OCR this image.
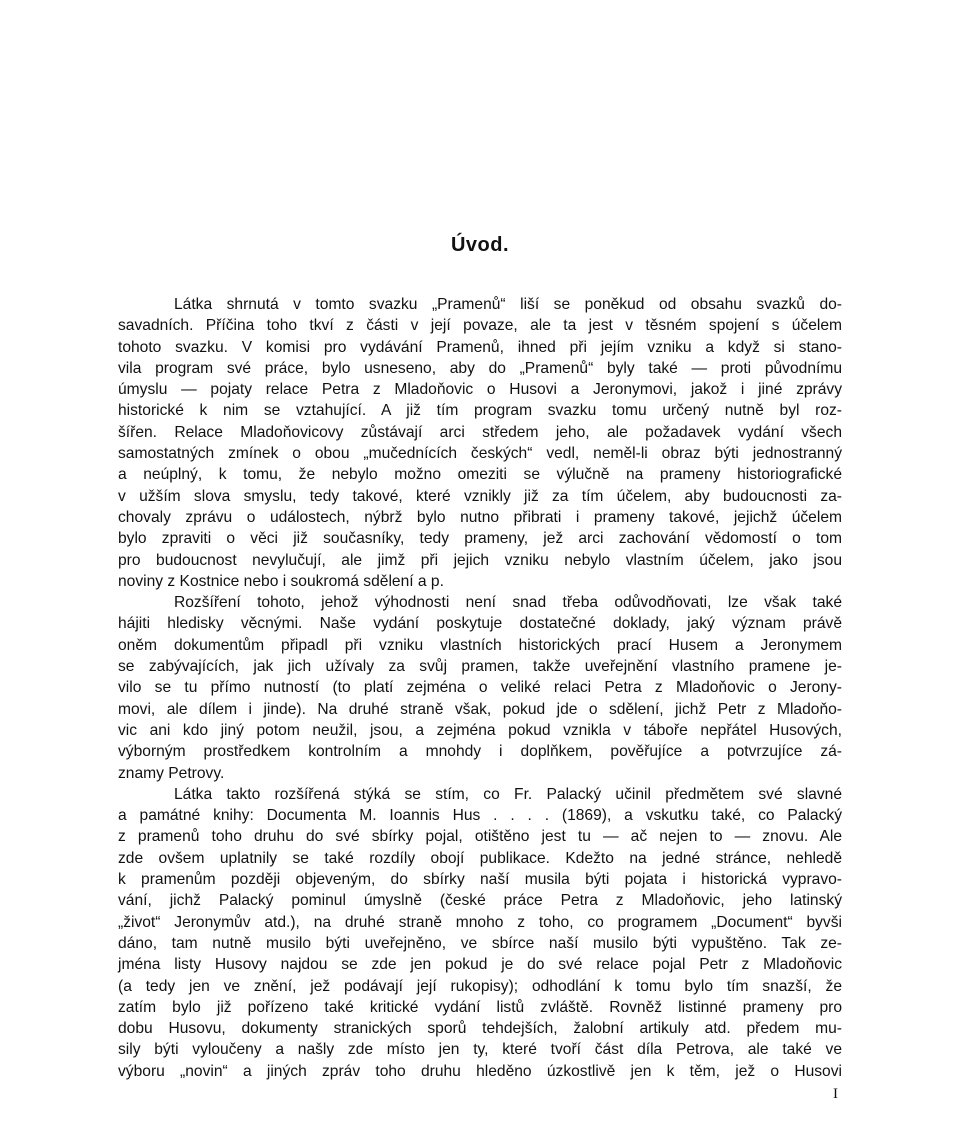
Úvod.

Látka shrnutá v tomto svazku „Pramenů“ liší se poněkud od obsahu svazků do-
savadních. Příčina toho tkví z části v její povaze, ale ta jest v těsném spojení s účelem
tohoto svazku. V komisi pro vydávání Pramenů, ihned při jejím vzniku a když si stano-
vila program své práce, bylo usneseno, aby do „Pramenů“ byly také — proti původnímu
úmyslu — pojaty relace Petra z Mladoňovic o Husovi a Jeronymovi, jakož i jiné zprávy
historické k nim se vztahující. A již tím program svazku tomu určený nutně byl roz-
šířen. Relace Mladoňovicovy zůstávají arci středem jeho, ale požadavek vydání všech
samostatných zmínek o obou „mučednících českých“ vedl, neměl-li obraz býti jednostranný
a neúplný, k tomu, že nebylo možno omeziti se výlučně na prameny historiografické
v užším slova smyslu, tedy takové, které vznikly již za tím účelem, aby budoucnosti za-
chovaly zprávu o událostech, nýbrž bylo nutno přibrati i prameny takové, jejichž účelem
bylo zpraviti o věci již současníky, tedy prameny, jež arci zachování vědomostí o tom
pro budoucnost nevylučují, ale jimž při jejich vzniku nebylo vlastním účelem, jako jsou
noviny z Kostnice nebo i soukromá sdělení a p.

Rozšíření tohoto, jehož výhodnosti není snad třeba odůvodňovati, lze však také
hájiti hledisky věcnými. Naše vydání poskytuje dostatečné doklady, jaký význam právě
oněm dokumentům připadl při vzniku vlastních historických prací Husem a Jeronymem
se zabývajících, jak jich užívaly za svůj pramen, takže uveřejnění vlastního pramene je-
vilo se tu přímo nutností (to platí zejména o veliké relaci Petra z Mladoňovic o Jerony-
movi, ale dílem i jinde). Na druhé straně však, pokud jde o sdělení, jichž Petr z Mladoňo-
vic ani kdo jiný potom neužil, jsou, a zejména pokud vznikla v táboře nepřátel Husových,
výborným prostředkem kontrolním a mnohdy i doplňkem, pověřujíce a potvrzujíce zá-
znamy Petrovy.

Látka takto rozšířená stýká se stím, co Fr. Palacký učinil předmětem své slavné
a památné knihy: Documenta M. Ioannis Hus . . . . (1869), a vskutku také, co Palacký
z pramenů toho druhu do své sbírky pojal, otištěno jest tu — ač nejen to — znovu. Ale
zde ovšem uplatnily se také rozdíly obojí publikace. Kdežto na jedné stránce, nehledě
k pramenům později objeveným, do sbírky naší musila býti pojata i historická vypravo-
vání, jichž Palacký pominul úmyslně (české práce Petra z Mladoňovic, jeho latinský
„život“ Jeronymův atd.), na druhé straně mnoho z toho, co programem „Document“ byvši
dáno, tam nutně musilo býti uveřejněno, ve sbírce naší musilo býti vypuštěno. Tak ze-
jména listy Husovy najdou se zde jen pokud je do své relace pojal Petr z Mladoňovic
(a tedy jen ve znění, jež podávají její rukopisy); odhodlání k tomu bylo tím snazší, že
zatím bylo již pořízeno také kritické vydání listů zvláště. Rovněž listinné prameny pro
dobu Husovu, dokumenty stranických sporů tehdejších, žalobní artikuly atd. předem mu-
sily býti vyloučeny a našly zde místo jen ty, které tvoří část díla Petrova, ale také ve
výboru „novin“ a jiných zpráv toho druhu hleděno úzkostlivě jen k těm, jež o Husovi

I
